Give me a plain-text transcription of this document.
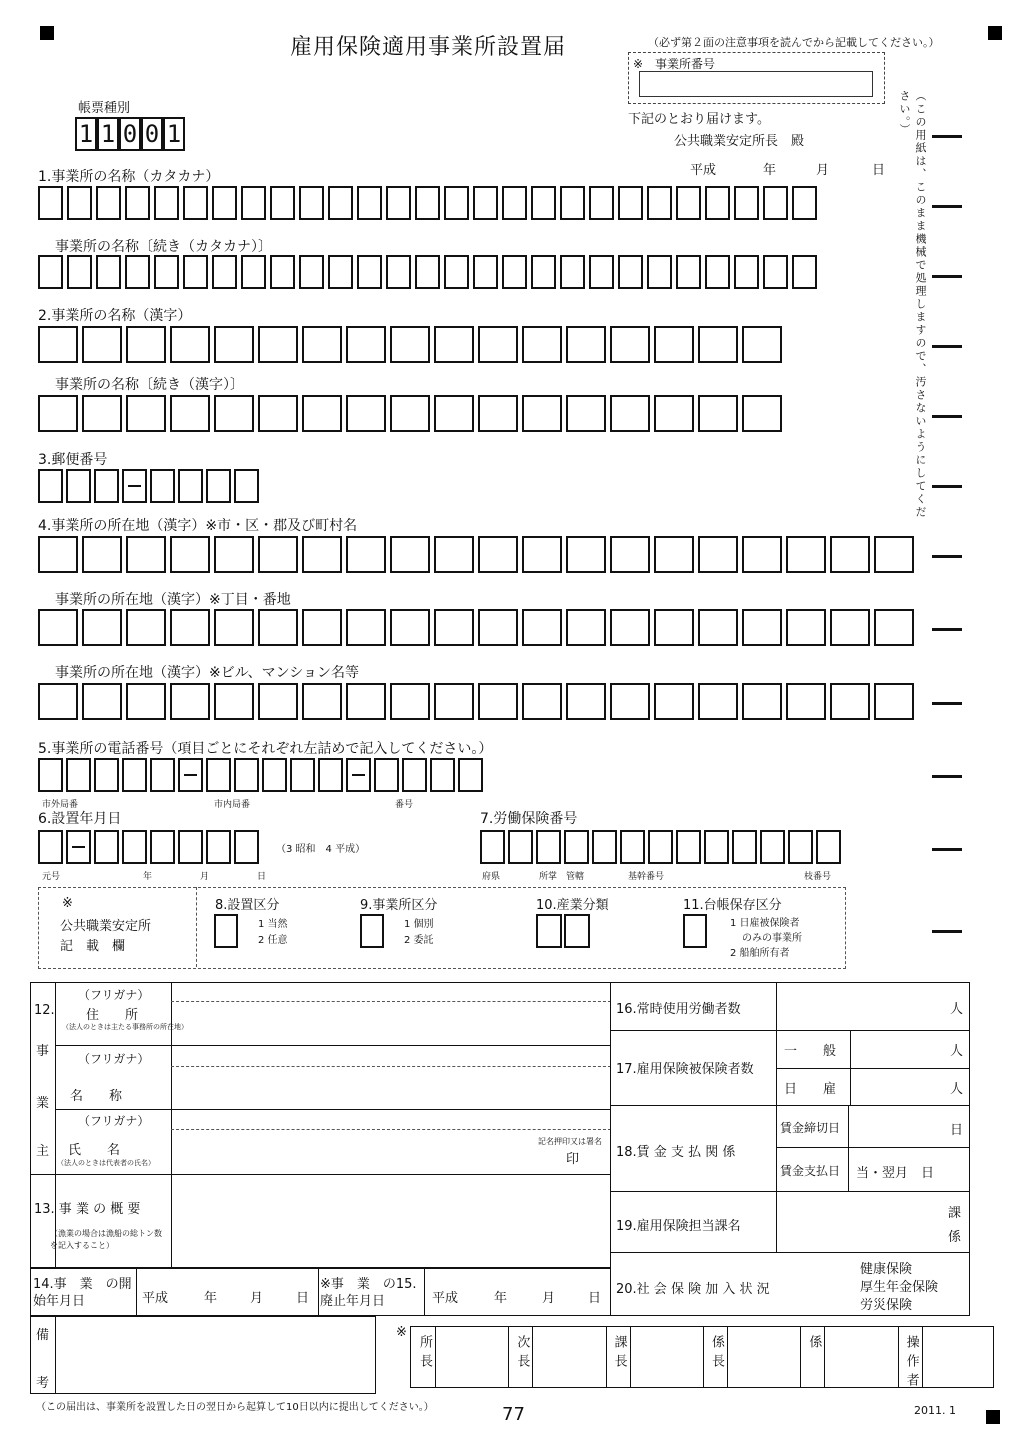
雇用保険適用事業所設置届	（必ず第２面の注意事項を読んでから記載してください。）
※　事業所番号
帳票種別
1 1 0 0 1
下記のとおり届けます。
公共職業安定所長　殿
平成	年	月	日	（この用紙は、このまま機械で処理しますので、汚さないようにしてください。）
1.事業所の名称（カタカナ）
事業所の名称〔続き（カタカナ）〕
2.事業所の名称（漢字）
事業所の名称〔続き（漢字）〕
3.郵便番号
4.事業所の所在地（漢字）※市・区・郡及び町村名
事業所の所在地（漢字）※丁目・番地
事業所の所在地（漢字）※ビル、マンション名等
5.事業所の電話番号（項目ごとにそれぞれ左詰めで記入してください。）
市外局番	市内局番	番号
6.設置年月日
（3 昭和　4 平成）
元号	年	月	日
7.労働保険番号
府県	所掌 管轄	基幹番号	枝番号
※
公共職業安定所
記　載　欄
8.設置区分
1 当然
2 任意
9.事業所区分
1 個別
2 委託
10.産業分類	11.台帳保存区分
1 日雇被保険者
のみの事業所
2 船舶所有者
12.
事
業
主
（フリガナ）
住　　所
（法人のときは主たる事務所の所在地）
（フリガナ）
名　　称
（フリガナ）
氏　　名
（法人のときは代表者の氏名）
記名押印又は署名
印
13. 事 業 の 概 要
（漁業の場合は漁船の総トン数を記入すること）
14.事　業　の開始年月日	平成	年	月	日
※事　業　の15.廃止年月日	平成	年	月	日
16.常時使用労働者数	人
17.雇用保険被保険者数
一　　般	人
日　　雇	人
18.賃 金 支 払 関 係
賃金締切日	日
賃金支払日 当・翌月　日
19.雇用保険担当課名
課
係
20.社 会 保 険 加 入 状 況
健康保険
厚生年金保険
労災保険
備
考
※
所長	次長	課長	係長	係	操作者
（この届出は、事業所を設置した日の翌日から起算して10日以内に提出してください。）	77	2011. 1
